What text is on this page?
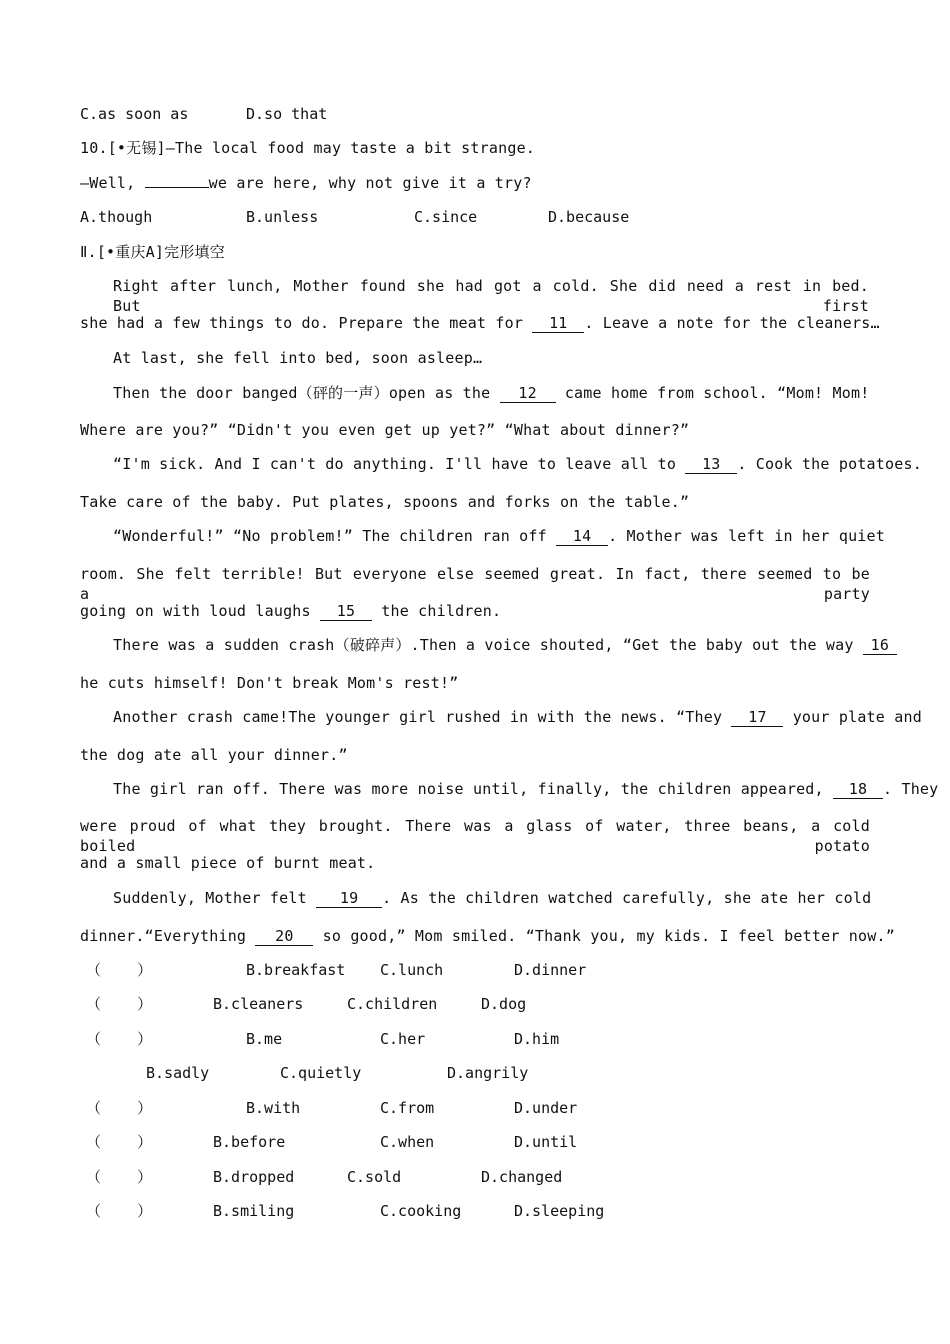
C.as soon as	D.so that
10.[•无锡]—The local food may taste a bit strange.
—Well,	we are here, why not give it a try?
A.though	B.unless	C.since	D.because
Ⅱ.[•重庆A]完形填空
Right after lunch, Mother found she had got a cold. She did need a rest in bed. But first
she had a few things to do. Prepare the meat for 11 . Leave a note for the cleaners…
At last, she fell into bed, soon asleep…
Then the door banged（砰的一声）open as the 12 came home from school. “Mom! Mom!
Where are you?” “Didn't you even get up yet?” “What about dinner?”
“I'm sick. And I can't do anything. I'll have to leave all to 13 . Cook the potatoes.
Take care of the baby. Put plates, spoons and forks on the table.”
“Wonderful!” “No problem!” The children ran off 14 . Mother was left in her quiet
room. She felt terrible! But everyone else seemed great. In fact, there seemed to be a party
going on with loud laughs 15 the children.
There was a sudden crash（破碎声）.Then a voice shouted, “Get the baby out the way 16
he cuts himself! Don't break Mom's rest!”
Another crash came!The younger girl rushed in with the news. “They 17 your plate and
the dog ate all your dinner.”
The girl ran off. There was more noise until, finally, the children appeared, 18 . They
were proud of what they brought. There was a glass of water, three beans, a cold boiled potato
and a small piece of burnt meat.
Suddenly, Mother felt 19 . As the children watched carefully, she ate her cold
dinner.“Everything 20 so good,” Mom smiled. “Thank you, my kids. I feel better now.”
（    ）	B.breakfast C.lunch	D.dinner
（    ）	B.cleaners	C.children	D.dog
（    ）	B.me	C.her	D.him
B.sadly	C.quietly	D.angrily
（    ）	B.with	C.from	D.under
（    ）	B.before	C.when	D.until
（    ）	B.dropped	C.sold	D.changed
（    ）	B.smiling	C.cooking	D.sleeping
